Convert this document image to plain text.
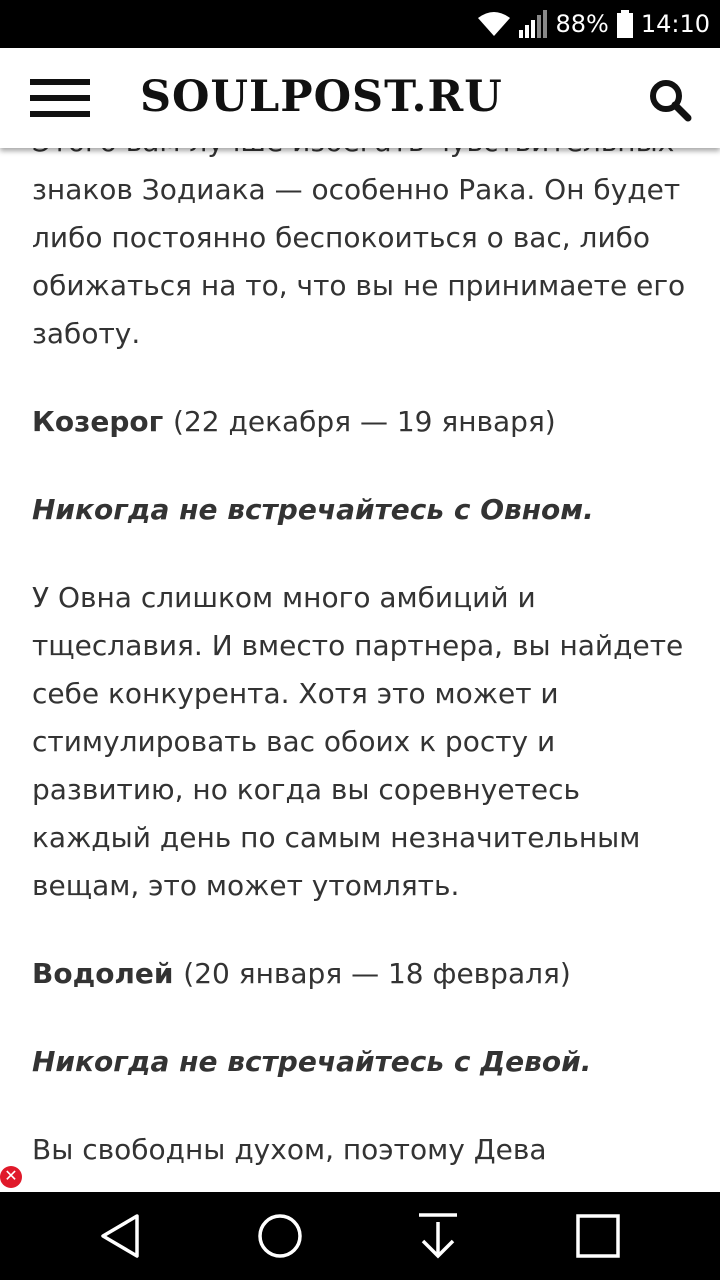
88% 14:10
SOULPOST.RU

знаков Зодиака — особенно Рака. Он будет либо постоянно беспокоиться о вас, либо обижаться на то, что вы не принимаете его заботу.

Козерог (22 декабря — 19 января)

Никогда не встречайтесь с Овном.

У Овна слишком много амбиций и тщеславия. И вместо партнера, вы найдете себе конкурента. Хотя это может и стимулировать вас обоих к росту и развитию, но когда вы соревнуетесь каждый день по самым незначительным вещам, это может утомлять.

Водолей (20 января — 18 февраля)

Никогда не встречайтесь с Девой.

Вы свободны духом, поэтому Дева

✕
